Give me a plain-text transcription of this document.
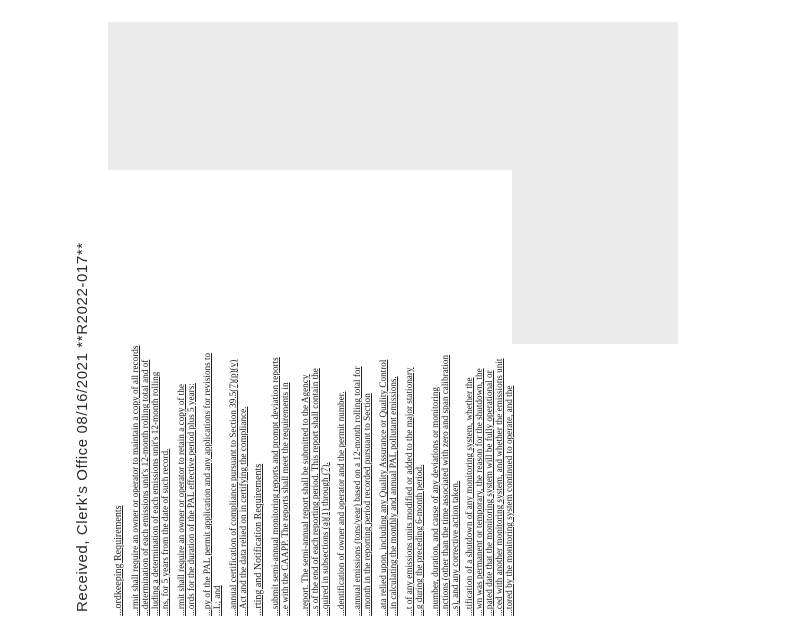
Received, Clerk's Office 08/16/2021 **R2022-017** ...ordkeeping Requirements ...rmit shall require an owner or operator to maintain a copy of all records ...determination of each emissions unit's 12-month rolling total and of ...luding a determination of each emissions unit's 12-month rolling ...ns, for 5 years from the date of such record. ...rmit shall require an owner or operator to retain a copy of the ...ords for the duration of the PAL effective period plus 5 years: ...py of the PAL permit application and any applications for revisions to ...L; and ...annual certification of compliance pursuant to Section 39.5(7)(p)(v) ...Act and the data relied on in certifying the compliance. ...rting and Notification Requirements ...submit semi-annual monitoring reports and prompt deviation reports ...e with the CAAPP. The reports shall meet the requirements in ...report. The semi-annual report shall be submitted to the Agency ...s of the end of each reporting period. This report shall contain the ...quired in subsections (a)(1) through (7). ...dentification of owner and operator and the permit number. ...annual emissions (tons/year) based on a 12-month rolling total for ...month in the reporting period recorded pursuant to Section ...ata relied upon, including any Quality Assurance or Quality Control ...in calculating the monthly and annual PAL pollutant emissions. ...t of any emissions units modified or added to the major stationary ...g during the preceding 6-month period. ...number, duration, and cause of any deviations or monitoring ...nctions (other than the time associated with zero and span calibration ...s), and any corrective action taken. ...tification of a shutdown of any monitoring system, whether the ...wn was permanent or temporary, the reason for the shutdown, the ...pated date that the monitoring system will be fully operational or ...ced with another monitoring system, and whether the emissions unit ...tored by the monitoring system continued to operate, and the
